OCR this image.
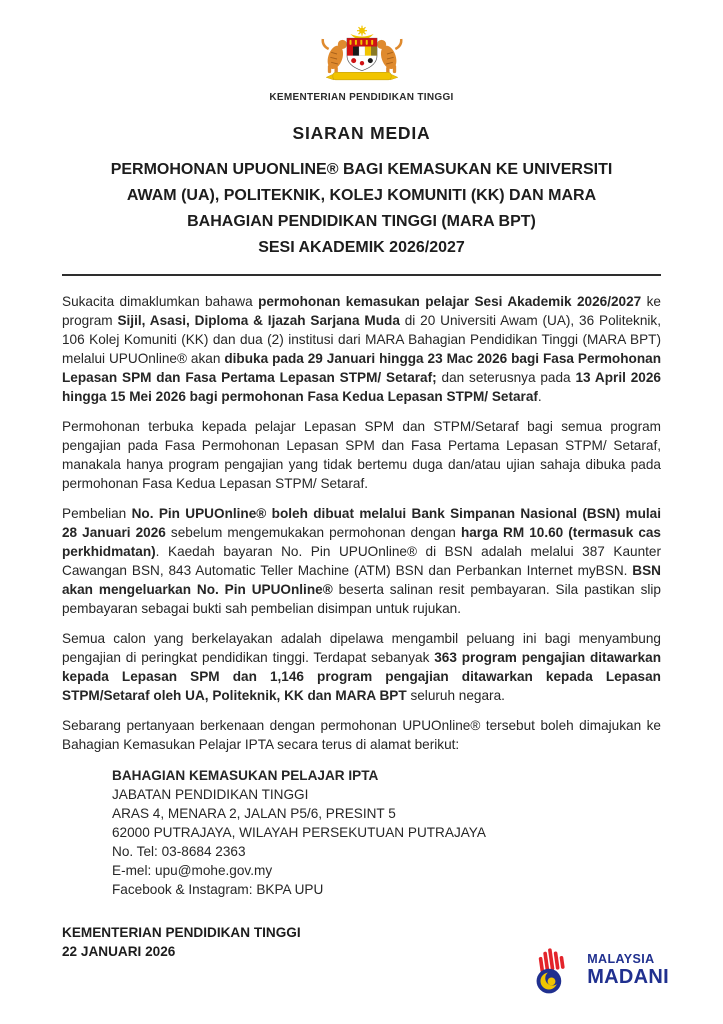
KEMENTERIAN PENDIDIKAN TINGGI
SIARAN MEDIA
PERMOHONAN UPUONLINE® BAGI KEMASUKAN KE UNIVERSITI
AWAM (UA), POLITEKNIK, KOLEJ KOMUNITI (KK) DAN MARA
BAHAGIAN PENDIDIKAN TINGGI (MARA BPT)
SESI AKADEMIK 2026/2027

Sukacita dimaklumkan bahawa permohonan kemasukan pelajar Sesi Akademik 2026/2027 ke program Sijil, Asasi, Diploma & Ijazah Sarjana Muda di 20 Universiti Awam (UA), 36 Politeknik, 106 Kolej Komuniti (KK) dan dua (2) institusi dari MARA Bahagian Pendidikan Tinggi (MARA BPT) melalui UPUOnline® akan dibuka pada 29 Januari hingga 23 Mac 2026 bagi Fasa Permohonan Lepasan SPM dan Fasa Pertama Lepasan STPM/ Setaraf; dan seterusnya pada 13 April 2026 hingga 15 Mei 2026 bagi permohonan Fasa Kedua Lepasan STPM/ Setaraf.

Permohonan terbuka kepada pelajar Lepasan SPM dan STPM/Setaraf bagi semua program pengajian pada Fasa Permohonan Lepasan SPM dan Fasa Pertama Lepasan STPM/ Setaraf, manakala hanya program pengajian yang tidak bertemu duga dan/atau ujian sahaja dibuka pada permohonan Fasa Kedua Lepasan STPM/ Setaraf.

Pembelian No. Pin UPUOnline® boleh dibuat melalui Bank Simpanan Nasional (BSN) mulai 28 Januari 2026 sebelum mengemukakan permohonan dengan harga RM 10.60 (termasuk cas perkhidmatan). Kaedah bayaran No. Pin UPUOnline® di BSN adalah melalui 387 Kaunter Cawangan BSN, 843 Automatic Teller Machine (ATM) BSN dan Perbankan Internet myBSN. BSN akan mengeluarkan No. Pin UPUOnline® beserta salinan resit pembayaran. Sila pastikan slip pembayaran sebagai bukti sah pembelian disimpan untuk rujukan.

Semua calon yang berkelayakan adalah dipelawa mengambil peluang ini bagi menyambung pengajian di peringkat pendidikan tinggi. Terdapat sebanyak 363 program pengajian ditawarkan kepada Lepasan SPM dan 1,146 program pengajian ditawarkan kepada Lepasan STPM/Setaraf oleh UA, Politeknik, KK dan MARA BPT seluruh negara.

Sebarang pertanyaan berkenaan dengan permohonan UPUOnline® tersebut boleh dimajukan ke Bahagian Kemasukan Pelajar IPTA secara terus di alamat berikut:

BAHAGIAN KEMASUKAN PELAJAR IPTA
JABATAN PENDIDIKAN TINGGI
ARAS 4, MENARA 2, JALAN P5/6, PRESINT 5
62000 PUTRAJAYA, WILAYAH PERSEKUTUAN PUTRAJAYA
No. Tel: 03-8684 2363
E-mel: upu@mohe.gov.my
Facebook & Instagram: BKPA UPU
KEMENTERIAN PENDIDIKAN TINGGI
22 JANUARI 2026
MALAYSIA
MADANI
